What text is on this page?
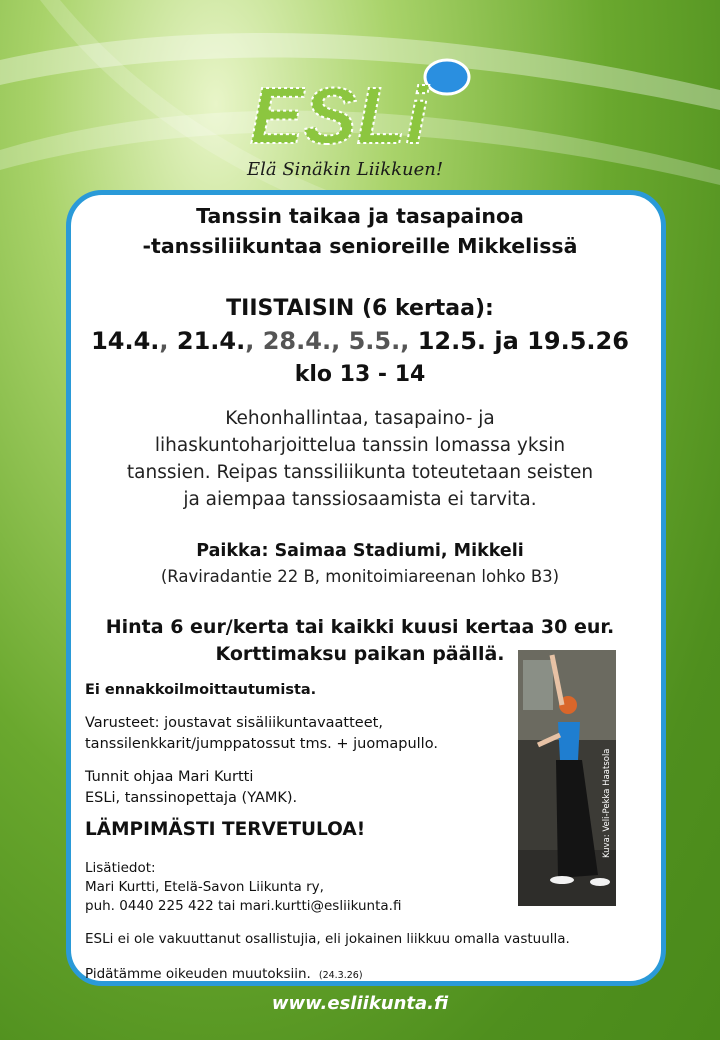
ESLi
Elä Sinäkin Liikkuen!
Tanssin taikaa ja tasapainoa
-tanssiliikuntaa senioreille Mikkelissä
TIISTAISIN (6 kertaa):
14.4., 21.4., 28.4., 5.5., 12.5. ja 19.5.26
klo 13 - 14
Kehonhallintaa, tasapaino- ja
lihaskuntoharjoittelua tanssin lomassa yksin
tanssien. Reipas tanssiliikunta toteutetaan seisten
ja aiempaa tanssiosaamista ei tarvita.
Paikka: Saimaa Stadiumi, Mikkeli
(Raviradantie 22 B, monitoimiareenan lohko B3)
Hinta 6 eur/kerta tai kaikki kuusi kertaa 30 eur.
Korttimaksu paikan päällä.
Ei ennakkoilmoittautumista.
Varusteet: joustavat sisäliikuntavaatteet,
tanssilenkkarit/jumppatossut tms. + juomapullo.
Tunnit ohjaa Mari Kurtti
ESLi, tanssinopettaja (YAMK).
LÄMPIMÄSTI TERVETULOA!
Lisätiedot:
Mari Kurtti, Etelä-Savon Liikunta ry,
puh. 0440 225 422 tai mari.kurtti@esliikunta.fi
ESLi ei ole vakuuttanut osallistujia, eli jokainen liikkuu omalla vastuulla.
Pidätämme oikeuden muutoksiin. (24.3.26)
Kuva: Veli-Pekka Haatsola
www.esliikunta.fi
